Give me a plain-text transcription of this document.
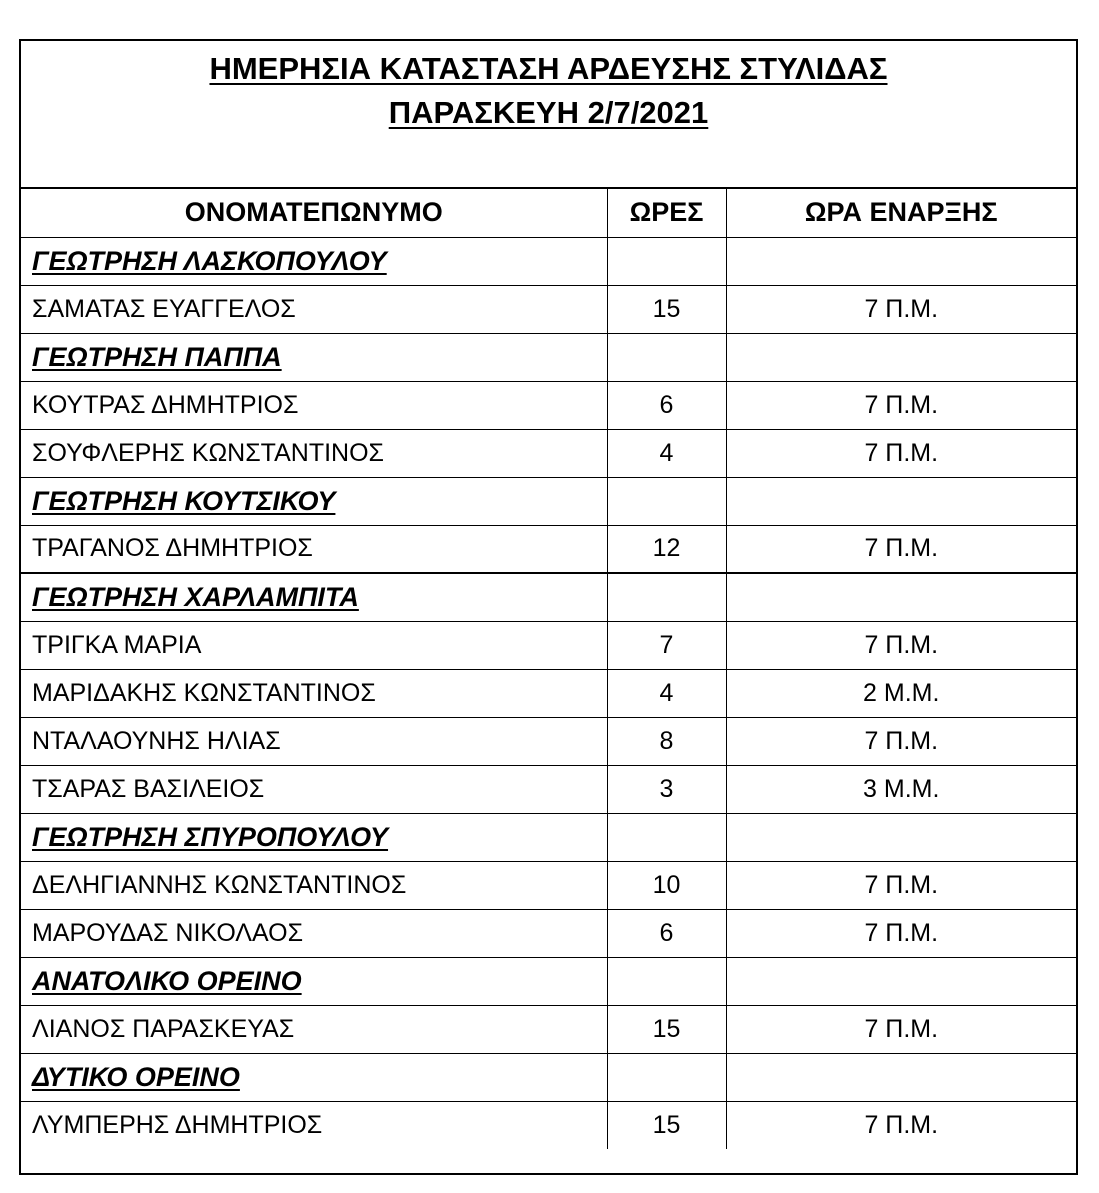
ΗΜΕΡΗΣΙΑ ΚΑΤΑΣΤΑΣΗ ΑΡΔΕΥΣΗΣ ΣΤΥΛΙΔΑΣ
ΠΑΡΑΣΚΕΥΗ 2/7/2021
ΟΝΟΜΑΤΕΠΩΝΥΜΟ	ΩΡΕΣ	ΩΡΑ ΕΝΑΡΞΗΣ
ΓΕΩΤΡΗΣΗ ΛΑΣΚΟΠΟΥΛΟΥ		
ΣΑΜΑΤΑΣ ΕΥΑΓΓΕΛΟΣ	15	7 Π.Μ.
ΓΕΩΤΡΗΣΗ ΠΑΠΠΑ		
ΚΟΥΤΡΑΣ ΔΗΜΗΤΡΙΟΣ	6	7 Π.Μ.
ΣΟΥΦΛΕΡΗΣ ΚΩΝΣΤΑΝΤΙΝΟΣ	4	7 Π.Μ.
ΓΕΩΤΡΗΣΗ ΚΟΥΤΣΙΚΟΥ		
ΤΡΑΓΑΝΟΣ ΔΗΜΗΤΡΙΟΣ	12	7 Π.Μ.
ΓΕΩΤΡΗΣΗ ΧΑΡΛΑΜΠΙΤΑ		
ΤΡΙΓΚΑ ΜΑΡΙΑ	7	7 Π.Μ.
ΜΑΡΙΔΑΚΗΣ ΚΩΝΣΤΑΝΤΙΝΟΣ	4	2 Μ.Μ.
ΝΤΑΛΑΟΥΝΗΣ ΗΛΙΑΣ	8	7 Π.Μ.
ΤΣΑΡΑΣ ΒΑΣΙΛΕΙΟΣ	3	3 Μ.Μ.
ΓΕΩΤΡΗΣΗ ΣΠΥΡΟΠΟΥΛΟΥ		
ΔΕΛΗΓΙΑΝΝΗΣ ΚΩΝΣΤΑΝΤΙΝΟΣ	10	7 Π.Μ.
ΜΑΡΟΥΔΑΣ ΝΙΚΟΛΑΟΣ	6	7 Π.Μ.
ΑΝΑΤΟΛΙΚΟ ΟΡΕΙΝΟ		
ΛΙΑΝΟΣ ΠΑΡΑΣΚΕΥΑΣ	15	7 Π.Μ.
ΔΥΤΙΚΟ ΟΡΕΙΝΟ		
ΛΥΜΠΕΡΗΣ ΔΗΜΗΤΡΙΟΣ	15	7 Π.Μ.
